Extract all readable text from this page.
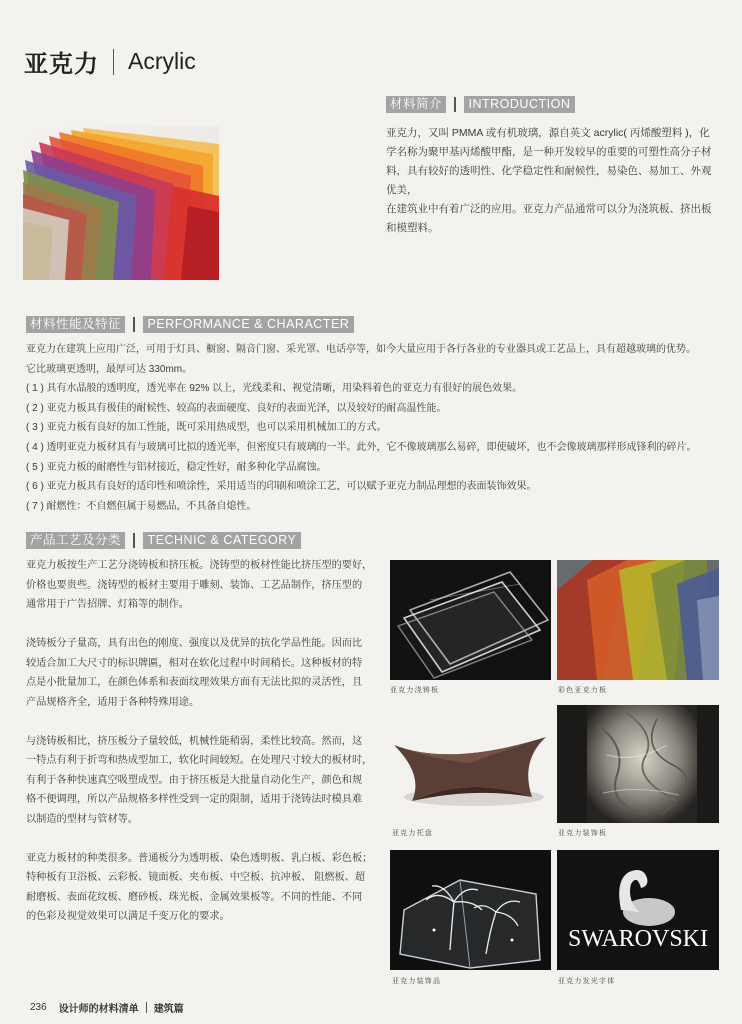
亚克力 Acrylic
材料简介	INTRODUCTION

亚克力，又叫 PMMA 或有机玻璃，源自英文 acrylic( 丙烯酸塑料 )，化

学名称为聚甲基丙烯酸甲酯，是一种开发较早的重要的可塑性高分子材

料，具有较好的透明性、化学稳定性和耐候性，易染色、易加工、外观优美，

在建筑业中有着广泛的应用。亚克力产品通常可以分为浇筑板、挤出板

和模塑料。

材料性能及特征	PERFORMANCE & CHARACTER

亚克力在建筑上应用广泛，可用于灯具、橱窗、隔音门窗、采光罩、电话亭等，如今大量应用于各行各业的专业器具或工艺品上，具有超越玻璃的优势。

它比玻璃更透明，最厚可达 330mm。

( 1 ) 具有水晶般的透明度，透光率在 92% 以上，光线柔和、视觉清晰，用染料着色的亚克力有很好的展色效果。

( 2 ) 亚克力板具有极佳的耐候性、较高的表面硬度、良好的表面光泽，以及较好的耐高温性能。

( 3 ) 亚克力板有良好的加工性能，既可采用热成型，也可以采用机械加工的方式。

( 4 ) 透明亚克力板材具有与玻璃可比拟的透光率，但密度只有玻璃的一半。此外，它不像玻璃那么易碎，即使破坏，也不会像玻璃那样形成锋利的碎片。

( 5 ) 亚克力板的耐磨性与铝材接近，稳定性好，耐多种化学品腐蚀。

( 6 ) 亚克力板具有良好的适印性和喷涂性，采用适当的印刷和喷涂工艺，可以赋予亚克力制品理想的表面装饰效果。

( 7 ) 耐燃性：不自燃但属于易燃品，不具备自熄性。

产品工艺及分类	TECHNIC & CATEGORY

亚克力板按生产工艺分浇铸板和挤压板。浇铸型的板材性能比挤压型的要好，
价格也要贵些。浇铸型的板材主要用于雕刻、装饰、工艺品制作，挤压型的
通常用于广告招牌、灯箱等的制作。

浇铸板分子量高，具有出色的刚度、强度以及优异的抗化学品性能。因而比
较适合加工大尺寸的标识牌匾，相对在软化过程中时间稍长。这种板材的特
点是小批量加工，在颜色体系和表面纹理效果方面有无法比拟的灵活性，且
产品规格齐全，适用于各种特殊用途。

与浇铸板相比，挤压板分子量较低，机械性能稍弱，柔性比较高。然而，这
一特点有利于折弯和热成型加工，软化时间较短。在处理尺寸较大的板材时，
有利于各种快速真空吸塑成型。由于挤压板是大批量自动化生产，颜色和规
格不便调理，所以产品规格多样性受到一定的限制，适用于浇铸法时模具难
以制造的型材与管材等。

亚克力板材的种类很多。普通板分为透明板、染色透明板、乳白板、彩色板；
特种板有卫浴板、云彩板、镜面板、夹布板、中空板、抗冲板、 阻燃板、超
耐磨板、表面花纹板、磨砂板、珠光板、金属效果板等。不同的性能、不同
的色彩及视觉效果可以满足千变万化的要求。

亚克力浇铸板	彩色亚克力板
亚克力托盘	亚克力装饰板
亚克力装饰品
SWAROVSKI
亚克力发光字体
236 设计师的材料清单 建筑篇
